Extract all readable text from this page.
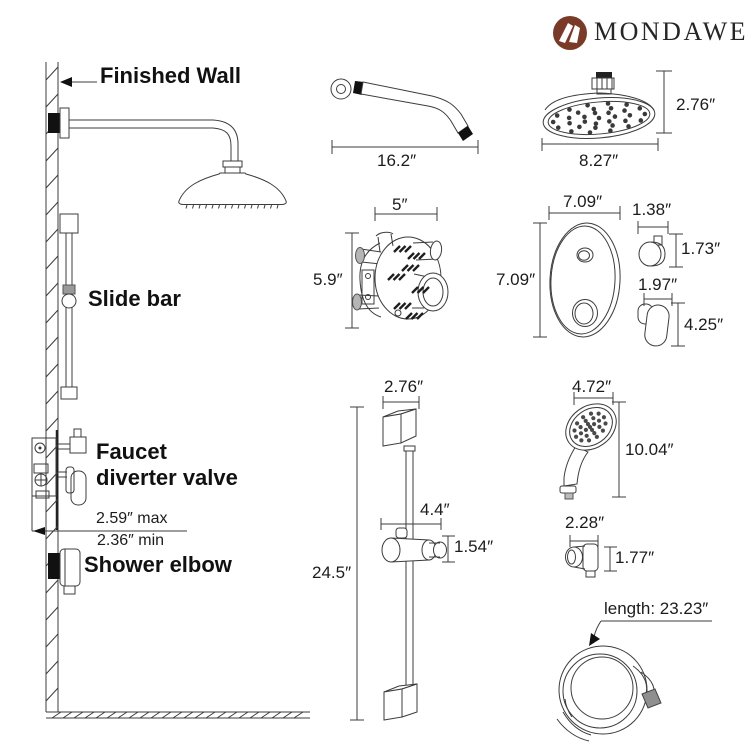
MONDAWE
Finished Wall
Slide bar
Faucet
diverter valve
2.59″ max
2.36″ min
Shower elbow
16.2″
2.76″
8.27″
5″
5.9″
7.09″
7.09″
1.38″
1.73″
1.97″
4.25″
2.76″
24.5″
4.4″
1.54″
4.72″
10.04″
2.28″
1.77″
length: 23.23″
